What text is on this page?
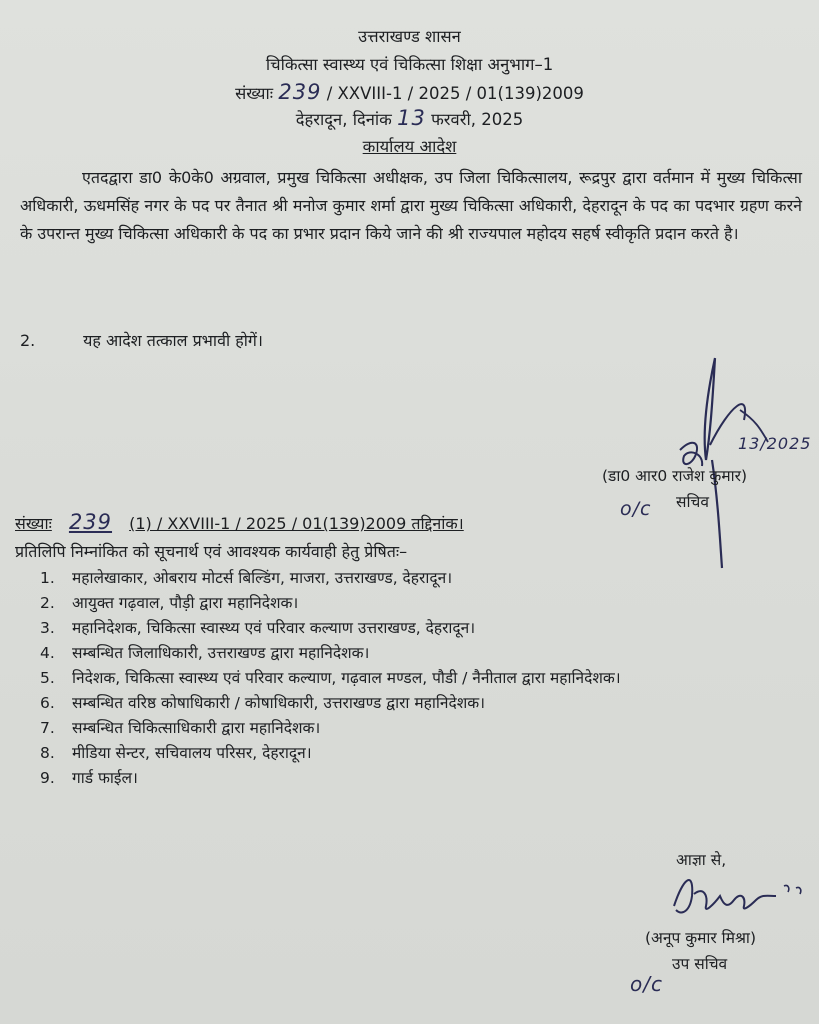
उत्तराखण्ड शासन
चिकित्सा स्वास्थ्य एवं चिकित्सा शिक्षा अनुभाग–1
संख्याः 239 / XXVIII-1 / 2025 / 01(139)2009
देहरादून, दिनांक 13 फरवरी, 2025
कार्यालय आदेश
एतदद्वारा डा0 के0के0 अग्रवाल, प्रमुख चिकित्सा अधीक्षक, उप जिला चिकित्सालय, रूद्रपुर द्वारा वर्तमान में मुख्य चिकित्सा अधिकारी, ऊधमसिंह नगर के पद पर तैनात श्री मनोज कुमार शर्मा द्वारा मुख्य चिकित्सा अधिकारी, देहरादून के पद का पदभार ग्रहण करने के उपरान्त मुख्य चिकित्सा अधिकारी के पद का प्रभार प्रदान किये जाने की श्री राज्यपाल महोदय सहर्ष स्वीकृति प्रदान करते है।
2.	यह आदेश तत्काल प्रभावी होगें।
13/2025
(डा0 आर0 राजेश कुमार)
सचिव
o/c
संख्याः 239 (1) / XXVIII-1 / 2025 / 01(139)2009 तद्दिनांक।
प्रतिलिपि निम्नांकित को सूचनार्थ एवं आवश्यक कार्यवाही हेतु प्रेषितः–
1.	महालेखाकार, ओबराय मोटर्स बिल्डिंग, माजरा, उत्तराखण्ड, देहरादून।
2.	आयुक्त गढ़वाल, पौड़ी द्वारा महानिदेशक।
3.	महानिदेशक, चिकित्सा स्वास्थ्य एवं परिवार कल्याण उत्तराखण्ड, देहरादून।
4.	सम्बन्धित जिलाधिकारी, उत्तराखण्ड द्वारा महानिदेशक।
5.	निदेशक, चिकित्सा स्वास्थ्य एवं परिवार कल्याण, गढ़वाल मण्डल, पौडी / नैनीताल द्वारा महानिदेशक।
6.	सम्बन्धित वरिष्ठ कोषाधिकारी / कोषाधिकारी, उत्तराखण्ड द्वारा महानिदेशक।
7.	सम्बन्धित चिकित्साधिकारी द्वारा महानिदेशक।
8.	मीडिया सेन्टर, सचिवालय परिसर, देहरादून।
9.	गार्ड फाईल।
आज्ञा से,
(अनूप कुमार मिश्रा)
उप सचिव
o/c
